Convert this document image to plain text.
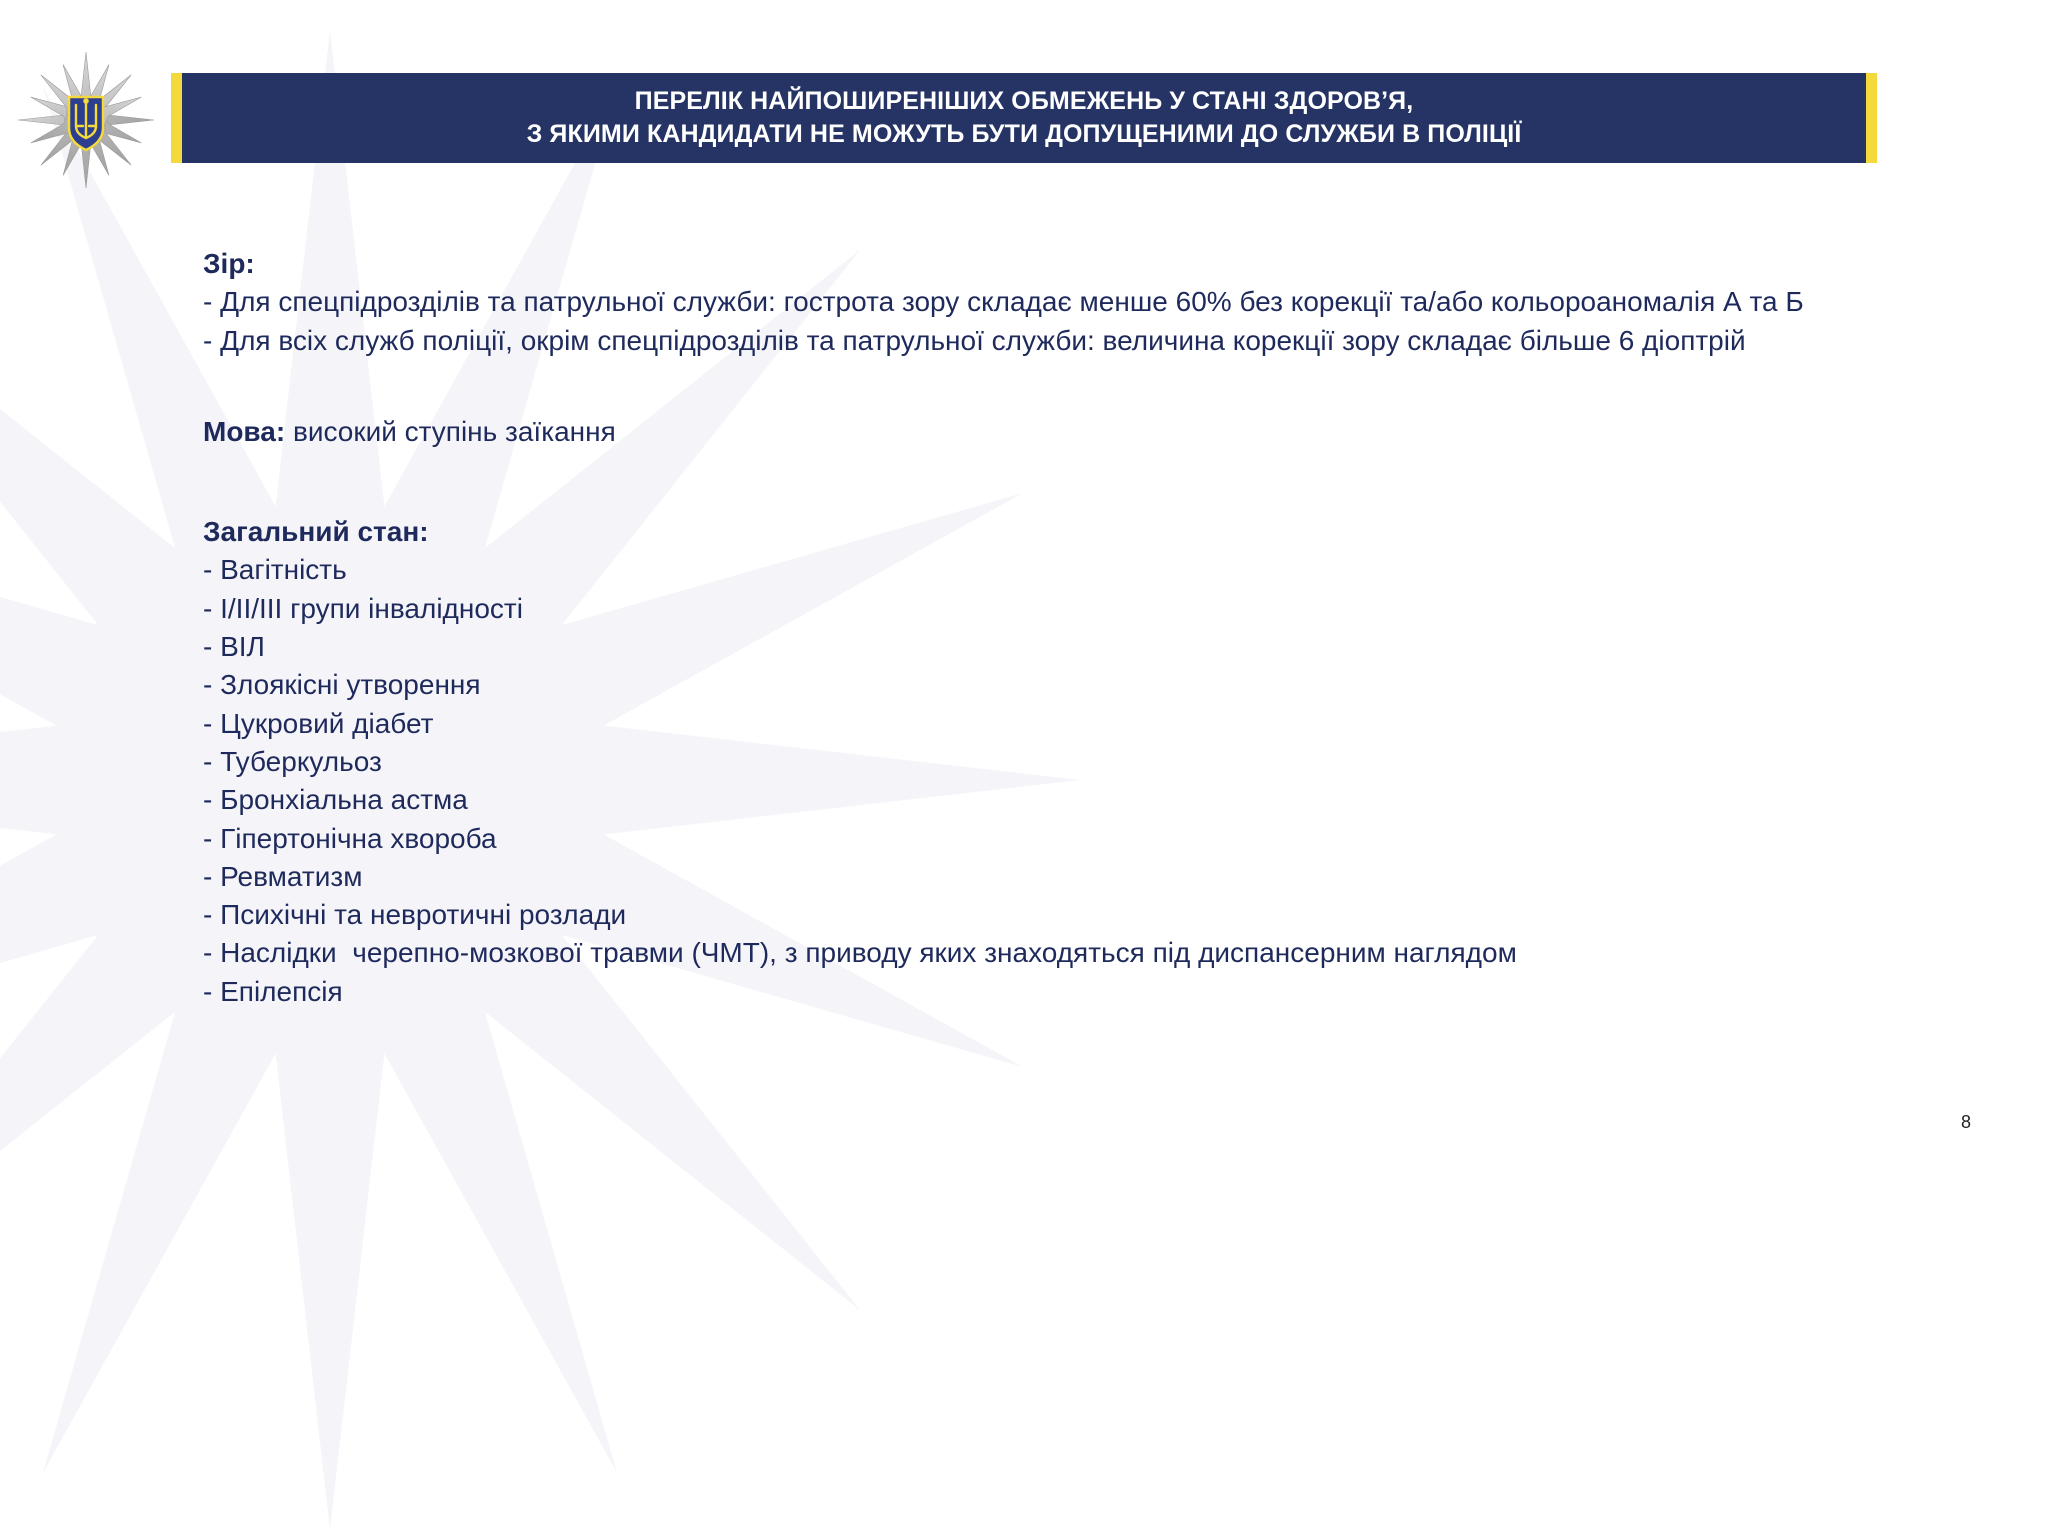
ПЕРЕЛІК НАЙПОШИРЕНІШИХ ОБМЕЖЕНЬ У СТАНІ ЗДОРОВ’Я,
З ЯКИМИ КАНДИДАТИ НЕ МОЖУТЬ БУТИ ДОПУЩЕНИМИ ДО СЛУЖБИ В ПОЛІЦІЇ
Зір:
- Для спецпідрозділів та патрульної служби: гострота зору складає менше 60% без корекції та/або кольороаномалія А та Б
- Для всіх служб поліції, окрім спецпідрозділів та патрульної служби: величина корекції зору складає більше 6 діоптрій
Мова: високий ступінь заїкання
Загальний стан:
- Вагітність
- I/II/III групи інвалідності
- ВІЛ
- Злоякісні утворення
- Цукровий діабет
- Туберкульоз
- Бронхіальна астма
- Гіпертонічна хвороба
- Ревматизм
- Психічні та невротичні розлади
- Наслідки  черепно-мозкової травми (ЧМТ), з приводу яких знаходяться під диспансерним наглядом
- Епілепсія
8
